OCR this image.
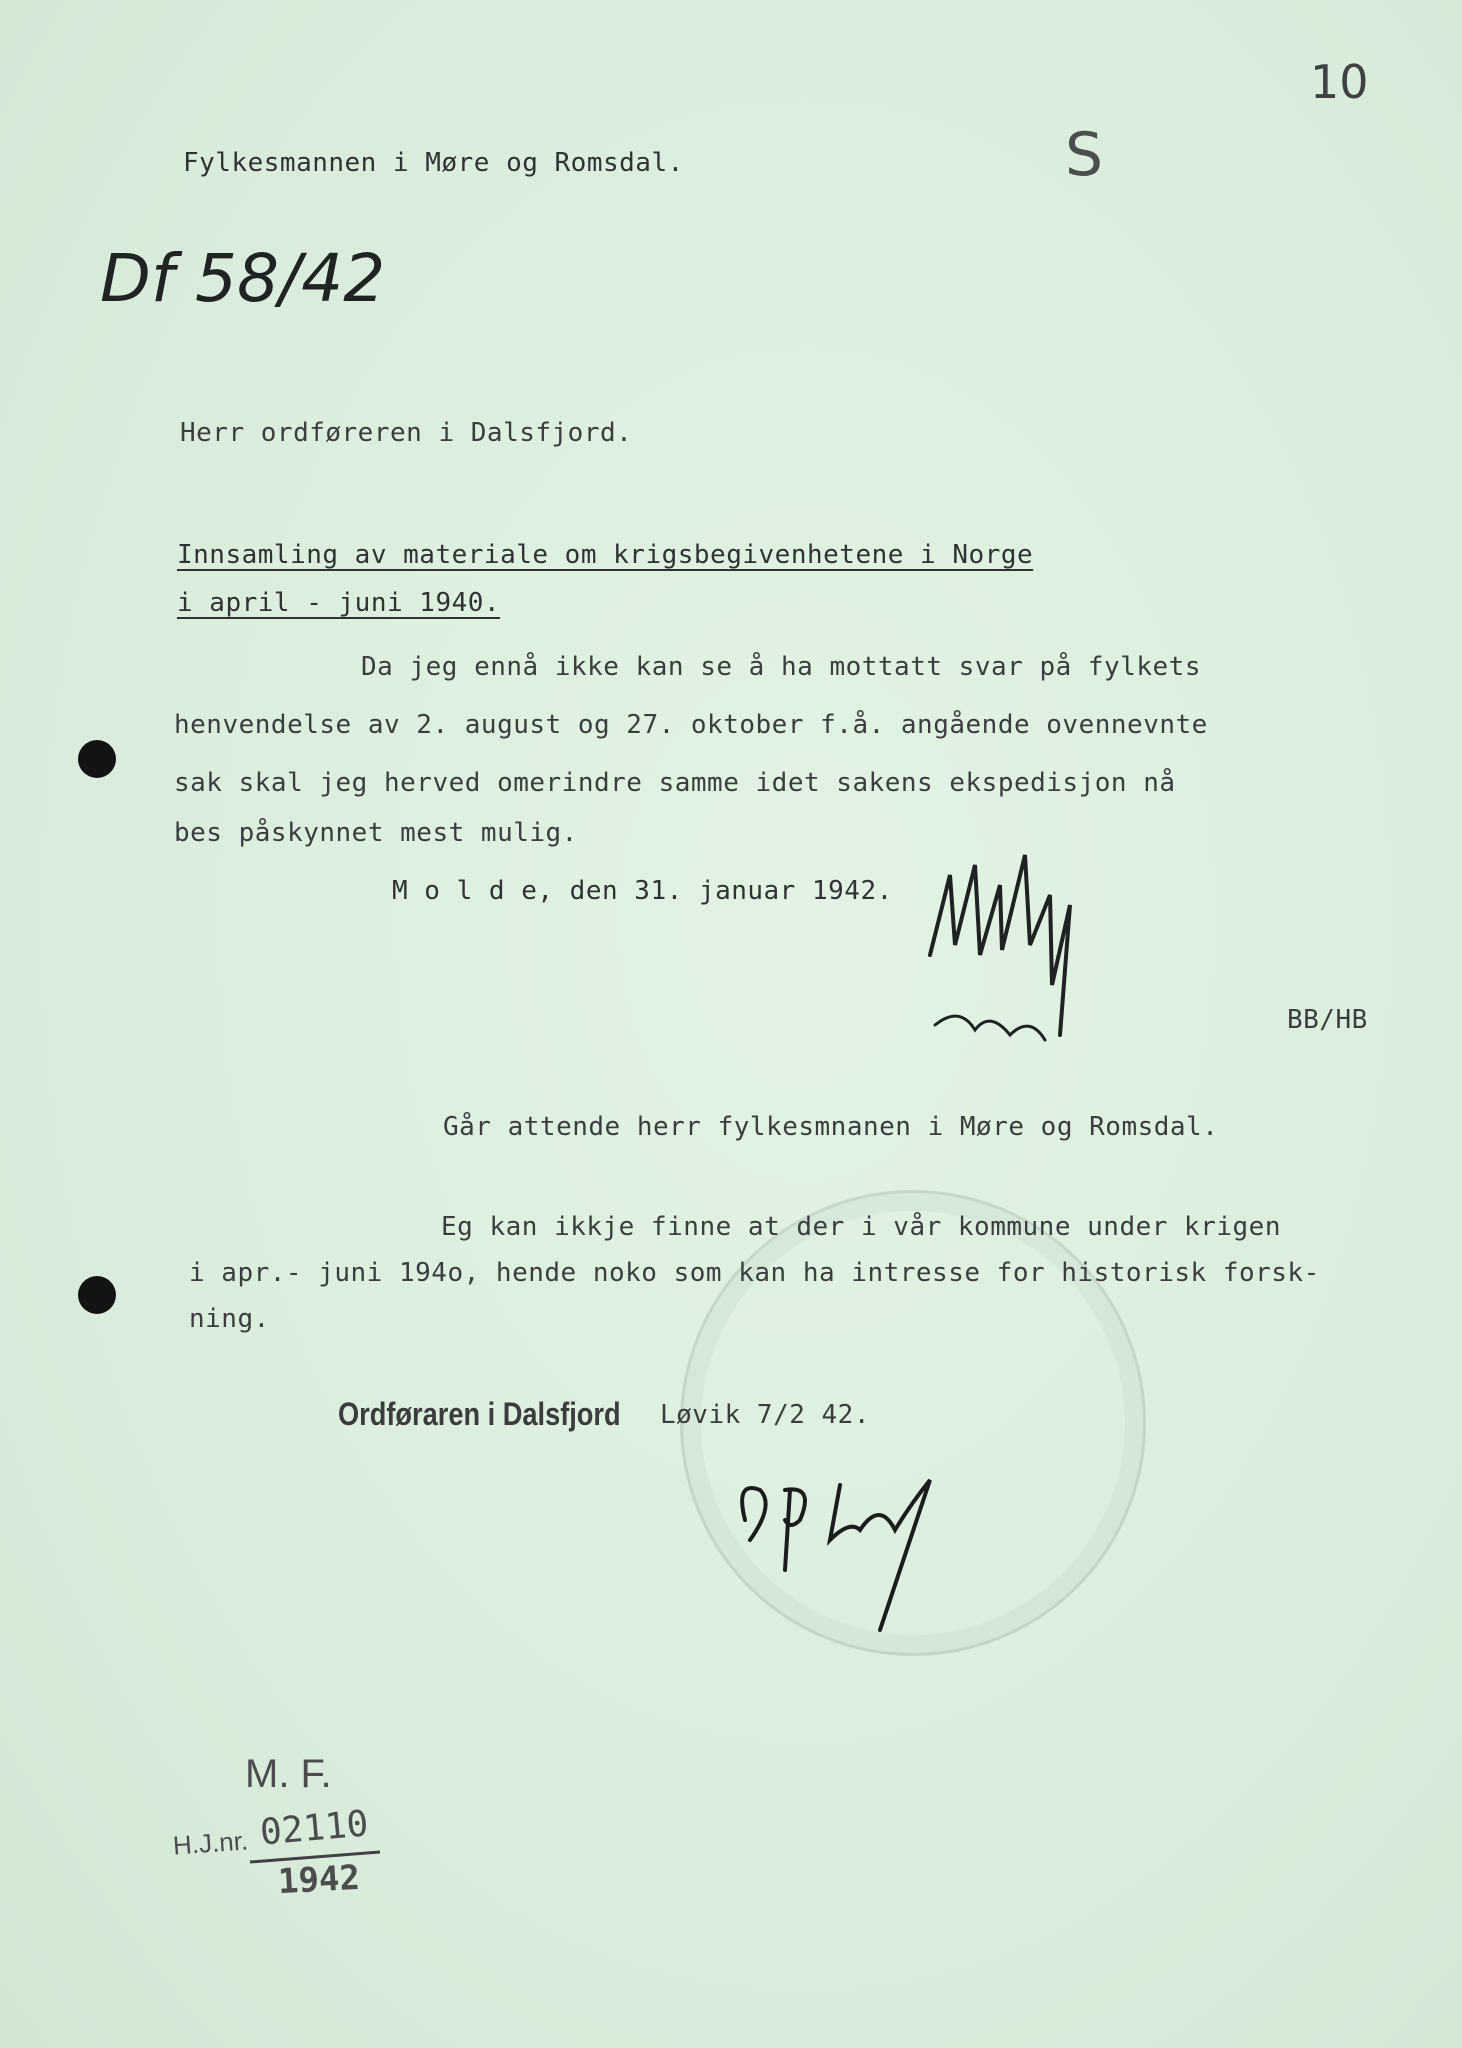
10
S
Fylkesmannen i Møre og Romsdal.
Df 58/42
Herr ordføreren i Dalsfjord.
Innsamling av materiale om krigsbegivenhetene i Norge
i april - juni 1940.
Da jeg ennå ikke kan se å ha mottatt svar på fylkets
henvendelse av 2. august og 27. oktober f.å. angående ovennevnte
sak skal jeg herved omerindre samme idet sakens ekspedisjon nå
bes påskynnet mest mulig.
M o l d e, den 31. januar 1942.
BB/HB
Går attende herr fylkesmnanen i Møre og Romsdal.
Eg kan ikkje finne at der i vår kommune under krigen
i apr.- juni 194o, hende noko som kan ha intresse for historisk forsk-
ning.
Ordføraren i Dalsfjord Løvik 7/2 42.
M. F.
H.J.nr. 02110
1942
